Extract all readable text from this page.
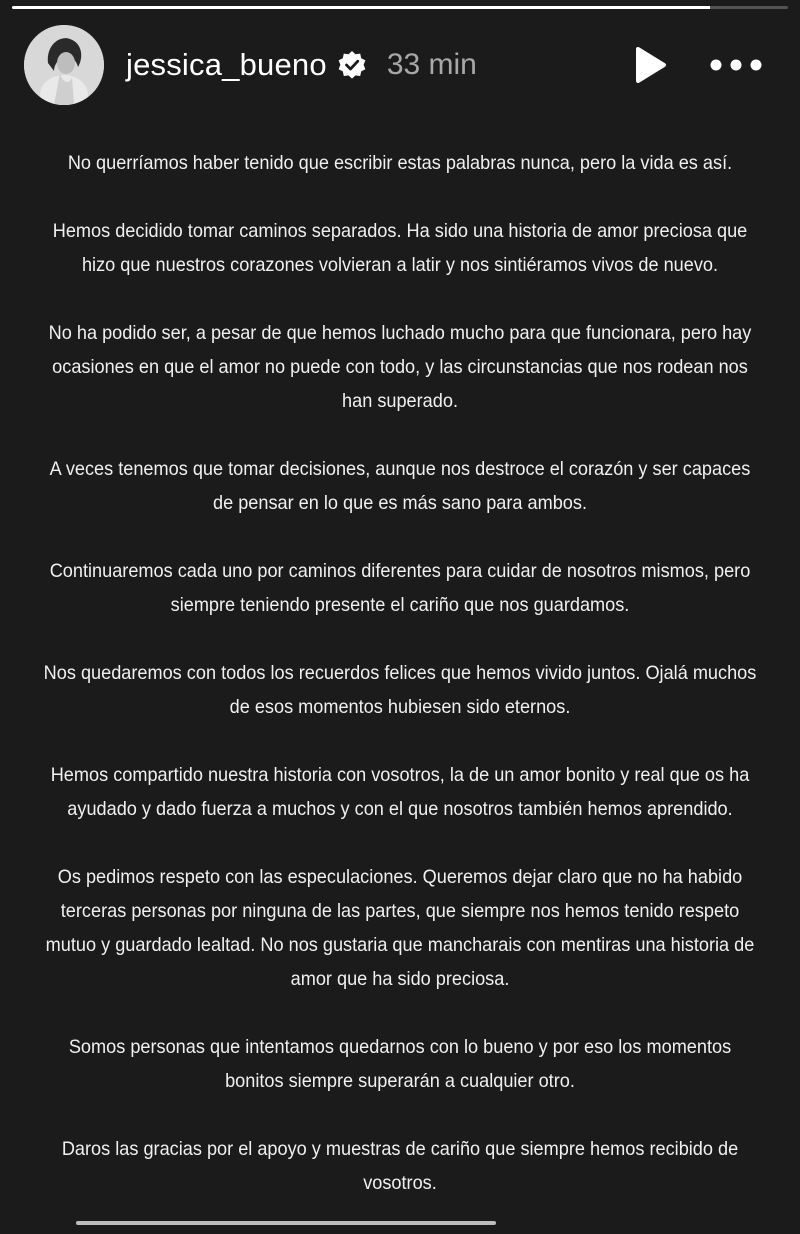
jessica_bueno 33 min

No querríamos haber tenido que escribir estas palabras nunca, pero la vida es así.

Hemos decidido tomar caminos separados. Ha sido una historia de amor preciosa que hizo que nuestros corazones volvieran a latir y nos sintiéramos vivos de nuevo.

No ha podido ser, a pesar de que hemos luchado mucho para que funcionara, pero hay ocasiones en que el amor no puede con todo, y las circunstancias que nos rodean nos han superado.

A veces tenemos que tomar decisiones, aunque nos destroce el corazón y ser capaces de pensar en lo que es más sano para ambos.

Continuaremos cada uno por caminos diferentes para cuidar de nosotros mismos, pero siempre teniendo presente el cariño que nos guardamos.

Nos quedaremos con todos los recuerdos felices que hemos vivido juntos. Ojalá muchos de esos momentos hubiesen sido eternos.

Hemos compartido nuestra historia con vosotros, la de un amor bonito y real que os ha ayudado y dado fuerza a muchos y con el que nosotros también hemos aprendido.

Os pedimos respeto con las especulaciones. Queremos dejar claro que no ha habido terceras personas por ninguna de las partes, que siempre nos hemos tenido respeto mutuo y guardado lealtad. No nos gustaria que mancharais con mentiras una historia de amor que ha sido preciosa.

Somos personas que intentamos quedarnos con lo bueno y por eso los momentos bonitos siempre superarán a cualquier otro.

Daros las gracias por el apoyo y muestras de cariño que siempre hemos recibido de vosotros.
